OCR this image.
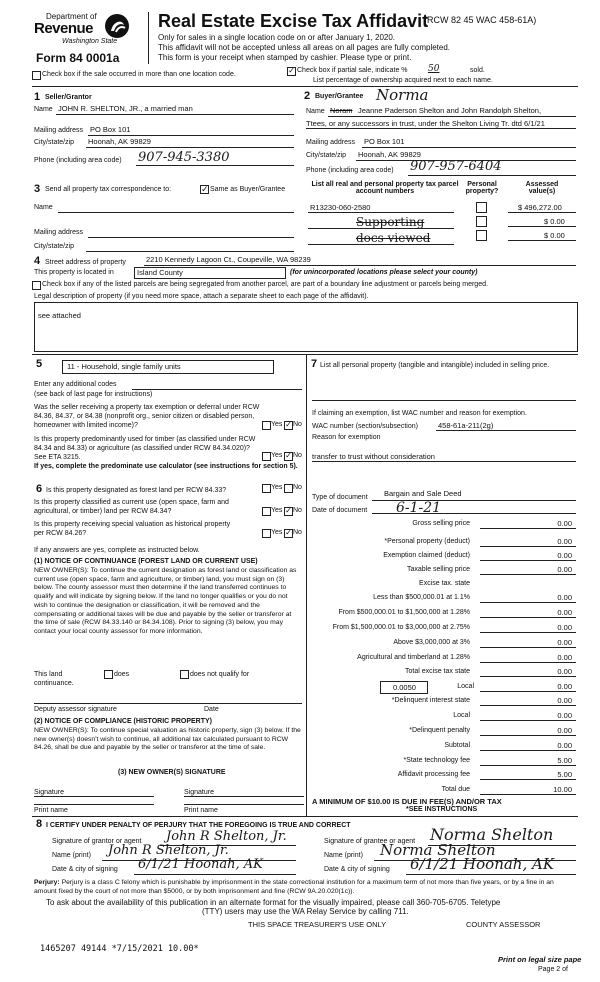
Department of
Revenue
Washington State
Form 84 0001a
Real Estate Excise Tax Affidavit
(RCW 82 45 WAC 458-61A)
Only for sales in a single location code on or after January 1, 2020.
This affidavit will not be accepted unless all areas on all pages are fully completed.
This form is your receipt when stamped by cashier. Please type or print.
Check box if the sale occurred in more than one location code.	✓ Check box if partial sale, indicate % 50	sold.
List percentage of ownership acquired next to each name.
1 Seller/Grantor
Name JOHN R. SHELTON, JR., a married man
Mailing address PO Box 101
City/state/zip Hoonah, AK 99829
Phone (including area code) 907-945-3380
2 Buyer/Grantee Norma
Name Noram Jeanne Paderson Shelton and John Randolph Shelton,
Ttees, or any successors in trust, under the Shelton Living Tr. dtd 6/1/21
Mailing address PO Box 101
City/state/zip Hoonah, AK 99829
Phone (including area code) 907-957-6404
3 Send all property tax correspondence to:	✓ Same as Buyer/Grantee
Name
Mailing address
City/state/zip
List all real and personal property tax parcel account numbers
Personal property?
Assessed value(s)
R13230-060-2580	$ 496,272.00
Supporting	$ 0.00
docs viewed	$ 0.00
4 Street address of property	2210 Kennedy Lagoon Ct., Coupeville, WA 98239
This property is located in	Island County	(for unincorporated locations please select your county)
Check box if any of the listed parcels are being segregated from another parcel, are part of a boundary line adjustment or parcels being merged.
Legal description of property (if you need more space, attach a separate sheet to each page of the affidavit).
see attached
5	11 - Household, single family units
Enter any additional codes
(see back of last page for instructions)
Was the seller receiving a property tax exemption or deferral under RCW 84.36, 84.37, or 84.38 (nonprofit org., senior citizen or disabled person, homeowner with limited income)?	Yes ✓ No
Is this property predominantly used for timber (as classified under RCW 84.34 and 84.33) or agriculture (as classified under RCW 84.34.020)? See ETA 3215.	Yes ✓ No
If yes, complete the predominate use calculator (see instructions for section 5).
6 Is this property designated as forest land per RCW 84.33?	Yes No
Is this property classified as current use (open space, farm and agricultural, or timber) land per RCW 84.34?	Yes ✓ No
Is this property receiving special valuation as historical property per RCW 84.26?	Yes ✓ No
If any answers are yes, complete as instructed below.
(1) NOTICE OF CONTINUANCE (FOREST LAND OR CURRENT USE)
NEW OWNER(S): To continue the current designation as forest land or classification as current use (open space, farm and agriculture, or timber) land, you must sign on (3) below. The county assessor must then determine if the land transferred continues to qualify and will indicate by signing below. If the land no longer qualifies or you do not wish to continue the designation or classification, it will be removed and the compensating or additional taxes will be due and payable by the seller or transferor at the time of sale (RCW 84.33.140 or 84.34.108). Prior to signing (3) below, you may contact your local county assessor for more information.
This land	does	does not qualify for
continuance.
Deputy assessor signature	Date
(2) NOTICE OF COMPLIANCE (HISTORIC PROPERTY)
NEW OWNER(S): To continue special valuation as historic property, sign (3) below. If the new owner(s) doesn't wish to continue, all additional tax calculated pursuant to RCW 84.26, shall be due and payable by the seller or transferor at the time of sale.
(3) NEW OWNER(S) SIGNATURE
Signature	Signature
Print name	Print name
7 List all personal property (tangible and intangible) included in selling price.
If claiming an exemption, list WAC number and reason for exemption.
WAC number (section/subsection)	458-61a-211(2g)
Reason for exemption
transfer to trust without consideration
Type of document Bargain and Sale Deed
Date of document 6-1-21
Gross selling price	0.00
*Personal property (deduct)	0.00
Exemption claimed (deduct)	0.00
Taxable selling price	0.00
Excise tax. state
Less than $500,000.01 at 1.1%	0.00
From $500,000.01 to $1,500,000 at 1.28%	0.00
From $1,500,000.01 to $3,000,000 at 2.75%	0.00
Above $3,000,000 at 3%	0.00
Agricultural and timberland at 1.28%	0.00
Total excise tax state	0.00
Local	0.00
*Delinquent interest state	0.00
Local	0.00
*Delinquent penalty	0.00
Subtotal	0.00
*State technology fee	5.00
Affidavit processing fee	5.00
Total due	10.00
0.0050
A MINIMUM OF $10.00 IS DUE IN FEE(S) AND/OR TAX
*SEE INSTRUCTIONS
8 I CERTIFY UNDER PENALTY OF PERJURY THAT THE FOREGOING IS TRUE AND CORRECT
Signature of grantor or agent John R Shelton, Jr.
Name (print) John R Shelton, Jr.
Date & city of signing 6/1/21 Hoonah, AK
Signature of grantee or agent Norma Shelton
Name (print) Norma Shelton
Date & city of signing 6/1/21 Hoonah, AK
Perjury: Perjury is a class C felony which is punishable by imprisonment in the state correctional institution for a maximum term of not more than five years, or by a fine in an amount fixed by the court of not more than $5000, or by both imprisonment and fine (RCW 9A.20.020(1c)).
To ask about the availability of this publication in an alternate format for the visually impaired, please call 360-705-6705. Teletype
(TTY) users may use the WA Relay Service by calling 711.
THIS SPACE TREASURER'S USE ONLY	COUNTY ASSESSOR
1465207 49144 *7/15/2021 10.00*
Print on legal size pape
Page 2 of
